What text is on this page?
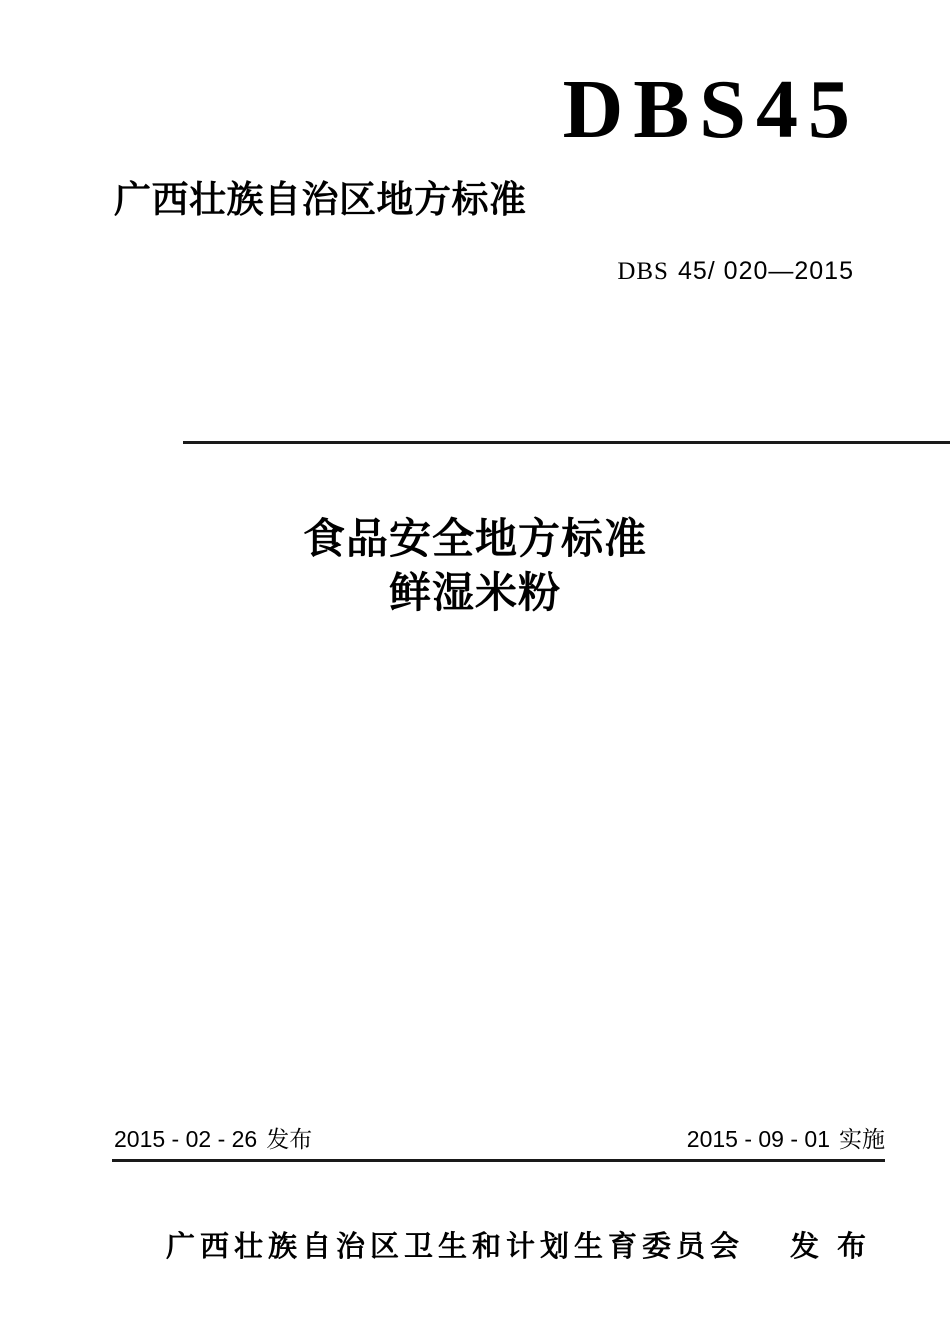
DBS45
广西壮族自治区地方标准
DBS 45/ 020—2015
食品安全地方标准
鲜湿米粉
2015 - 02 - 26 发布	2015 - 09 - 01 实施
广西壮族自治区卫生和计划生育委员会 发布
